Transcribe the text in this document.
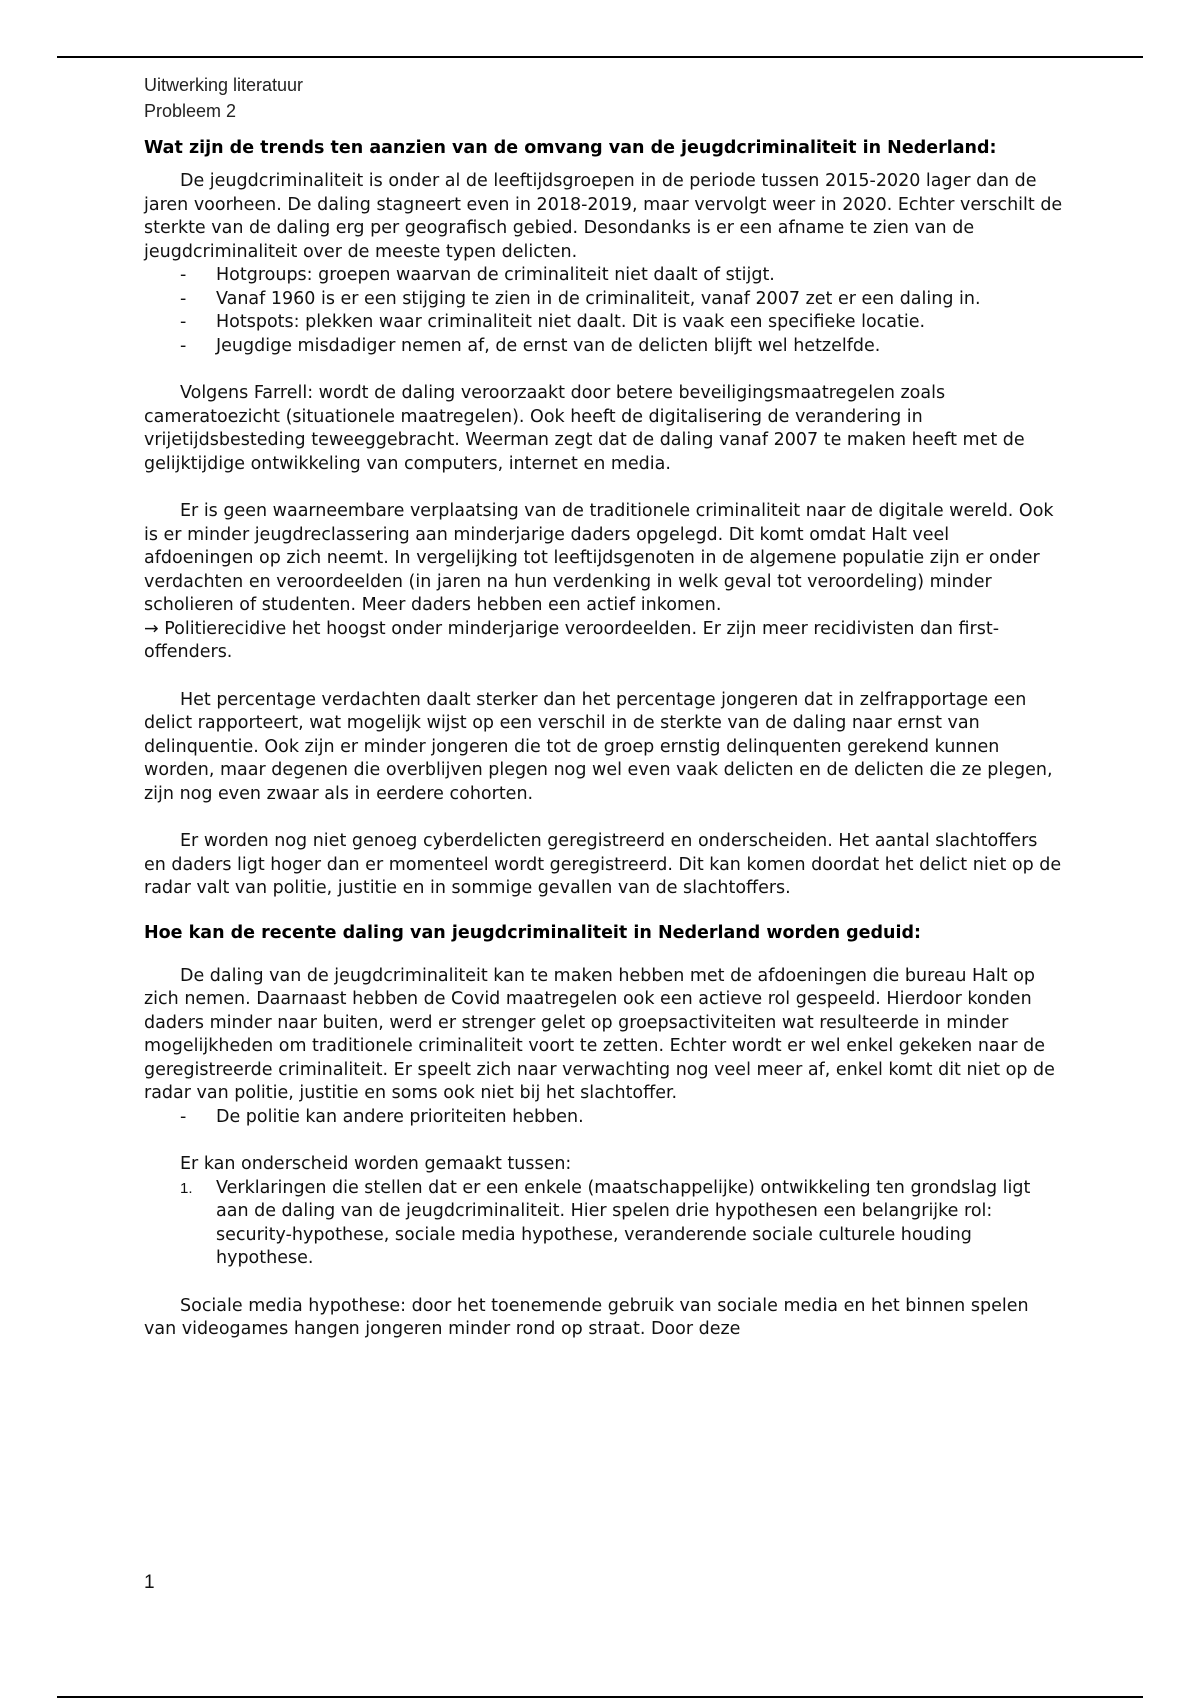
Uitwerking literatuur

Probleem 2

Wat zijn de trends ten aanzien van de omvang van de jeugdcriminaliteit in Nederland:

De jeugdcriminaliteit is onder al de leeftijdsgroepen in de periode tussen 2015-2020 lager dan de jaren voorheen. De daling stagneert even in 2018-2019, maar vervolgt weer in 2020. Echter verschilt de sterkte van de daling erg per geografisch gebied. Desondanks is er een afname te zien van de jeugdcriminaliteit over de meeste typen delicten.

- Hotgroups: groepen waarvan de criminaliteit niet daalt of stijgt.
- Vanaf 1960 is er een stijging te zien in de criminaliteit, vanaf 2007 zet er een daling in.
- Hotspots: plekken waar criminaliteit niet daalt. Dit is vaak een specifieke locatie.
- Jeugdige misdadiger nemen af, de ernst van de delicten blijft wel hetzelfde.

Volgens Farrell: wordt de daling veroorzaakt door betere beveiligingsmaatregelen zoals

cameratoezicht (situationele maatregelen). Ook heeft de digitalisering de verandering in vrijetijdsbesteding teweeggebracht. Weerman zegt dat de daling vanaf 2007 te maken heeft met de gelijktijdige ontwikkeling van computers, internet en media.

Er is geen waarneembare verplaatsing van de traditionele criminaliteit naar de digitale wereld. Ook is er minder jeugdreclassering aan minderjarige daders opgelegd. Dit komt omdat Halt veel afdoeningen op zich neemt. In vergelijking tot leeftijdsgenoten in de algemene populatie zijn er onder verdachten en veroordeelden (in jaren na hun verdenking in welk geval tot veroordeling) minder scholieren of studenten. Meer daders hebben een actief inkomen.

→ Politierecidive het hoogst onder minderjarige veroordeelden. Er zijn meer recidivisten dan first-offenders.

Het percentage verdachten daalt sterker dan het percentage jongeren dat in zelfrapportage een delict rapporteert, wat mogelijk wijst op een verschil in de sterkte van de daling naar ernst van delinquentie. Ook zijn er minder jongeren die tot de groep ernstig delinquenten gerekend kunnen worden, maar degenen die overblijven plegen nog wel even vaak delicten en de delicten die ze plegen, zijn nog even zwaar als in eerdere cohorten.

Er worden nog niet genoeg cyberdelicten geregistreerd en onderscheiden. Het aantal slachtoffers en daders ligt hoger dan er momenteel wordt geregistreerd. Dit kan komen doordat het delict niet op de radar valt van politie, justitie en in sommige gevallen van de slachtoffers.

Hoe kan de recente daling van jeugdcriminaliteit in Nederland worden geduid:

De daling van de jeugdcriminaliteit kan te maken hebben met de afdoeningen die bureau Halt op zich nemen. Daarnaast hebben de Covid maatregelen ook een actieve rol gespeeld. Hierdoor konden daders minder naar buiten, werd er strenger gelet op groepsactiviteiten wat resulteerde in minder mogelijkheden om traditionele criminaliteit voort te zetten. Echter wordt er wel enkel gekeken naar de geregistreerde criminaliteit. Er speelt zich naar verwachting nog veel meer af, enkel komt dit niet op de radar van politie, justitie en soms ook niet bij het slachtoffer.

- De politie kan andere prioriteiten hebben.

Er kan onderscheid worden gemaakt tussen:

1. Verklaringen die stellen dat er een enkele (maatschappelijke) ontwikkeling ten grondslag ligt aan de daling van de jeugdcriminaliteit. Hier spelen drie hypothesen een belangrijke rol: security-hypothese, sociale media hypothese, veranderende sociale culturele houding hypothese.

Sociale media hypothese: door het toenemende gebruik van sociale media en het binnen spelen van videogames hangen jongeren minder rond op straat. Door deze

1
